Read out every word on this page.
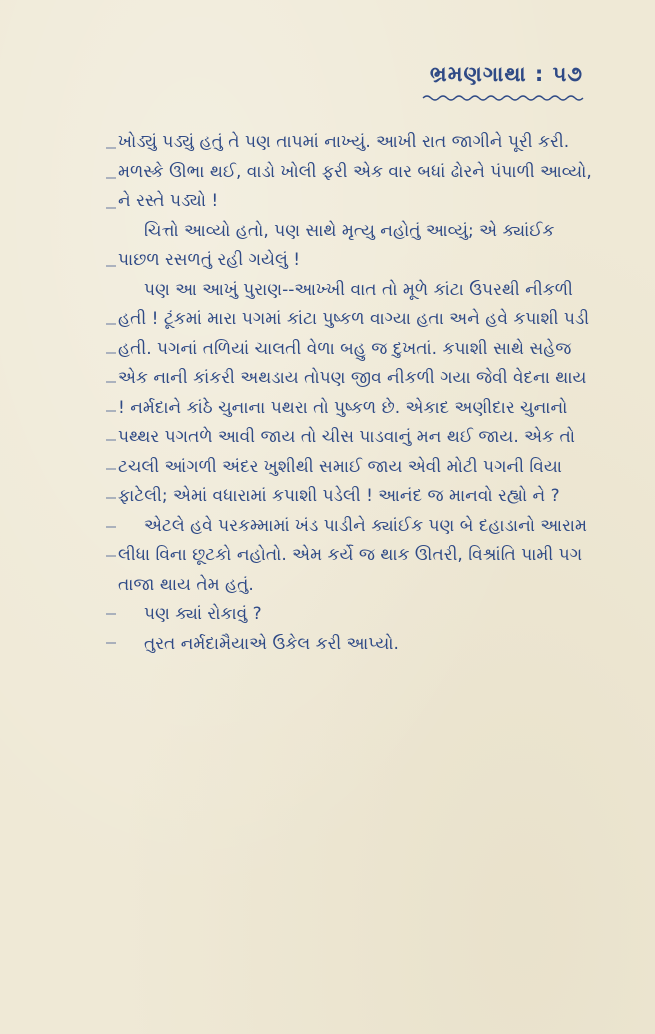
ભ્રમણગાથા : ૫૭

ખોડ્યું પડ્યું હતું તે પણ તાપમાં નાખ્યું. આખી રાત જાગીને પૂરી કરી. મળસ્કે ઊભા થઈ, વાડો ખોલી ફરી એક વાર બધાં ઢોરને પંપાળી આવ્યો, ને રસ્તે પડ્યો !

ચિત્તો આવ્યો હતો, પણ સાથે મૃત્યુ નહોતું આવ્યું; એ ક્યાંઈક પાછળ રસળતું રહી ગયેલું !

પણ આ આખું પુરાણ--આખ્ખી વાત તો મૂળે કાંટા ઉપરથી નીકળી હતી ! ટૂંકમાં મારા પગમાં કાંટા પુષ્કળ વાગ્યા હતા અને હવે કપાશી પડી હતી. પગનાં તળિયાં ચાલતી વેળા બહુ જ દુખતાં. કપાશી સાથે સહેજ એક નાની કાંકરી અથડાય તોપણ જીવ નીકળી ગયા જેવી વેદના થાય ! નર્મદાને કાંઠે ચુનાના પથરા તો પુષ્કળ છે. એકાદ અણીદાર ચુનાનો પથ્થર પગતળે આવી જાય તો ચીસ પાડવાનું મન થઈ જાય. એક તો ટચલી આંગળી અંદર ખુશીથી સમાઈ જાય એવી મોટી પગની વિયા ફાટેલી; એમાં વધારામાં કપાશી પડેલી ! આનંદ જ માનવો રહ્યો ને ?

એટલે હવે પરકમ્મામાં ખંડ પાડીને ક્યાંઈક પણ બે દહાડાનો આરામ લીધા વિના છૂટકો નહોતો. એમ કર્યે જ થાક ઊતરી, વિશ્રાંતિ પામી પગ તાજા થાય તેમ હતું.

પણ ક્યાં રોકાવું ?

તુરત નર્મદામૈયાએ ઉકેલ કરી આપ્યો.
